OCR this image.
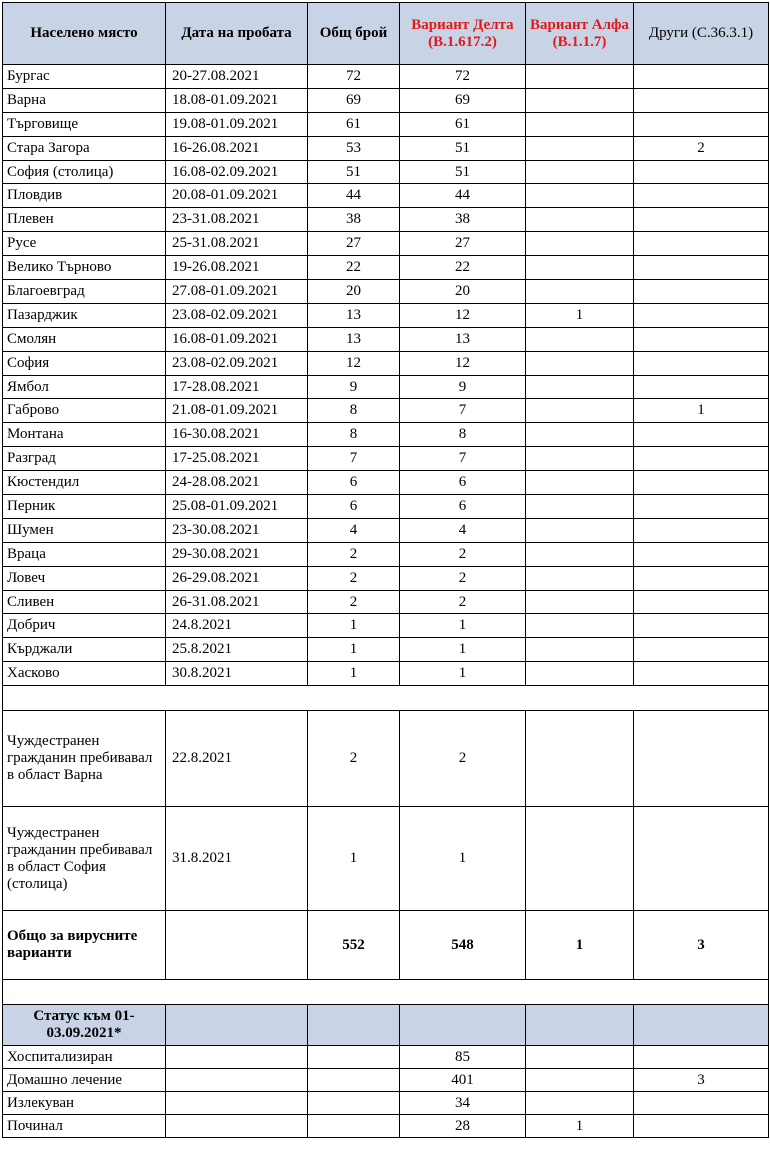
Населено място	Дата на пробата	Общ брой	Вариант Делта (В.1.617.2)	Вариант Алфа (В.1.1.7)	Други (С.36.3.1)
Бургас	20-27.08.2021	72	72		
Варна	18.08-01.09.2021	69	69		
Търговище	19.08-01.09.2021	61	61		
Стара Загора	16-26.08.2021	53	51		2
София (столица)	16.08-02.09.2021	51	51		
Пловдив	20.08-01.09.2021	44	44		
Плевен	23-31.08.2021	38	38		
Русе	25-31.08.2021	27	27		
Велико Търново	19-26.08.2021	22	22		
Благоевград	27.08-01.09.2021	20	20		
Пазарджик	23.08-02.09.2021	13	12	1	
Смолян	16.08-01.09.2021	13	13		
София	23.08-02.09.2021	12	12		
Ямбол	17-28.08.2021	9	9		
Габрово	21.08-01.09.2021	8	7		1
Монтана	16-30.08.2021	8	8		
Разград	17-25.08.2021	7	7		
Кюстендил	24-28.08.2021	6	6		
Перник	25.08-01.09.2021	6	6		
Шумен	23-30.08.2021	4	4		
Враца	29-30.08.2021	2	2		
Ловеч	26-29.08.2021	2	2		
Сливен	26-31.08.2021	2	2		
Добрич	24.8.2021	1	1		
Кърджали	25.8.2021	1	1		
Хасково	30.8.2021	1	1		

Чуждестранен гражданин пребивавал в област Варна	22.8.2021	2	2		
Чуждестранен гражданин пребивавал в област София (столица)	31.8.2021	1	1		
Общо за вирусните варианти		552	548	1	3

Статус към 01-03.09.2021*					
Хоспитализиран			85		
Домашно лечение			401		3
Излекуван			34		
Починал			28	1	
